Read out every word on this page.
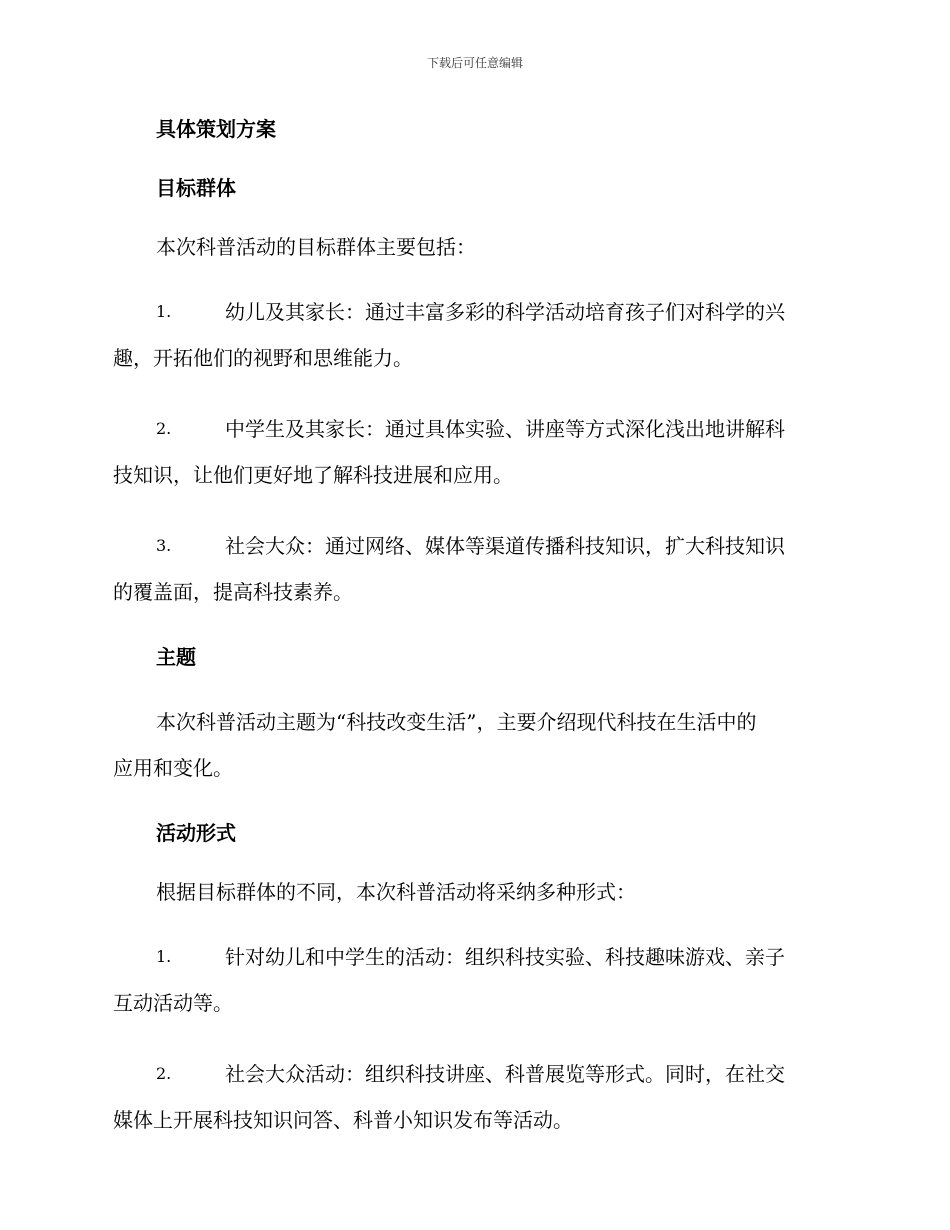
下载后可任意编辑
具体策划方案
目标群体
本次科普活动的目标群体主要包括：
1.	幼儿及其家长：通过丰富多彩的科学活动培育孩子们对科学的兴
趣，开拓他们的视野和思维能力。
2.	中学生及其家长：通过具体实验、讲座等方式深化浅出地讲解科
技知识，让他们更好地了解科技进展和应用。
3.	社会大众：通过网络、媒体等渠道传播科技知识，扩大科技知识
的覆盖面，提高科技素养。
主题
本次科普活动主题为“科技改变生活”，主要介绍现代科技在生活中的
应用和变化。
活动形式
根据目标群体的不同，本次科普活动将采纳多种形式：
1.	针对幼儿和中学生的活动：组织科技实验、科技趣味游戏、亲子
互动活动等。
2.	社会大众活动：组织科技讲座、科普展览等形式。同时，在社交
媒体上开展科技知识问答、科普小知识发布等活动。
